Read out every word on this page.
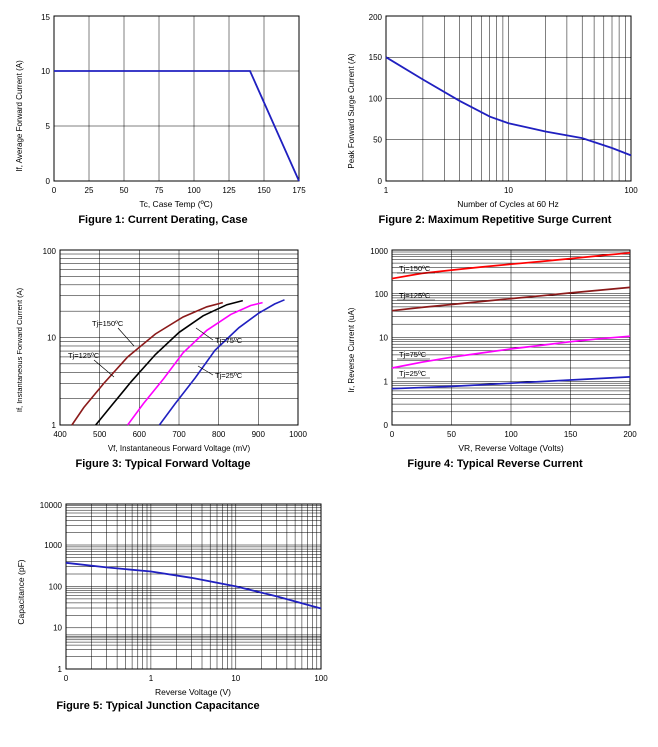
If, Average Forward Current (A)
0
5
10
15
0	25	50	75	100	125	150	175
Tc, Case Temp (ºC)
Figure 1: Current Derating, Case
Peak Forward Surge Current (A)
0
50
100
150
200
1	10	100
Number of Cycles at 60 Hz
Figure 2: Maximum Repetitive Surge Current
If, Instantaneous Forward Current (A)	Tj=150ºC
Tj=125ºC
Tj=75ºC
Tj=25ºC
1
10
100
400	500	600	700	800	900	1000
Vf, Instantaneous Forward Voltage (mV)
Figure 3: Typical Forward Voltage
Ir, Reverse Current (uA)
Tj=150ºC
Tj=125ºC
Tj=75ºC
Tj=25ºC
0
1
10
100
1000
0	50	100	150	200
VR, Reverse Voltage (Volts)
Figure 4: Typical Reverse Current
Capacitance (pF)
1
10
100
1000
10000
0	1	10	100
Reverse Voltage (V)
Figure 5: Typical Junction Capacitance
